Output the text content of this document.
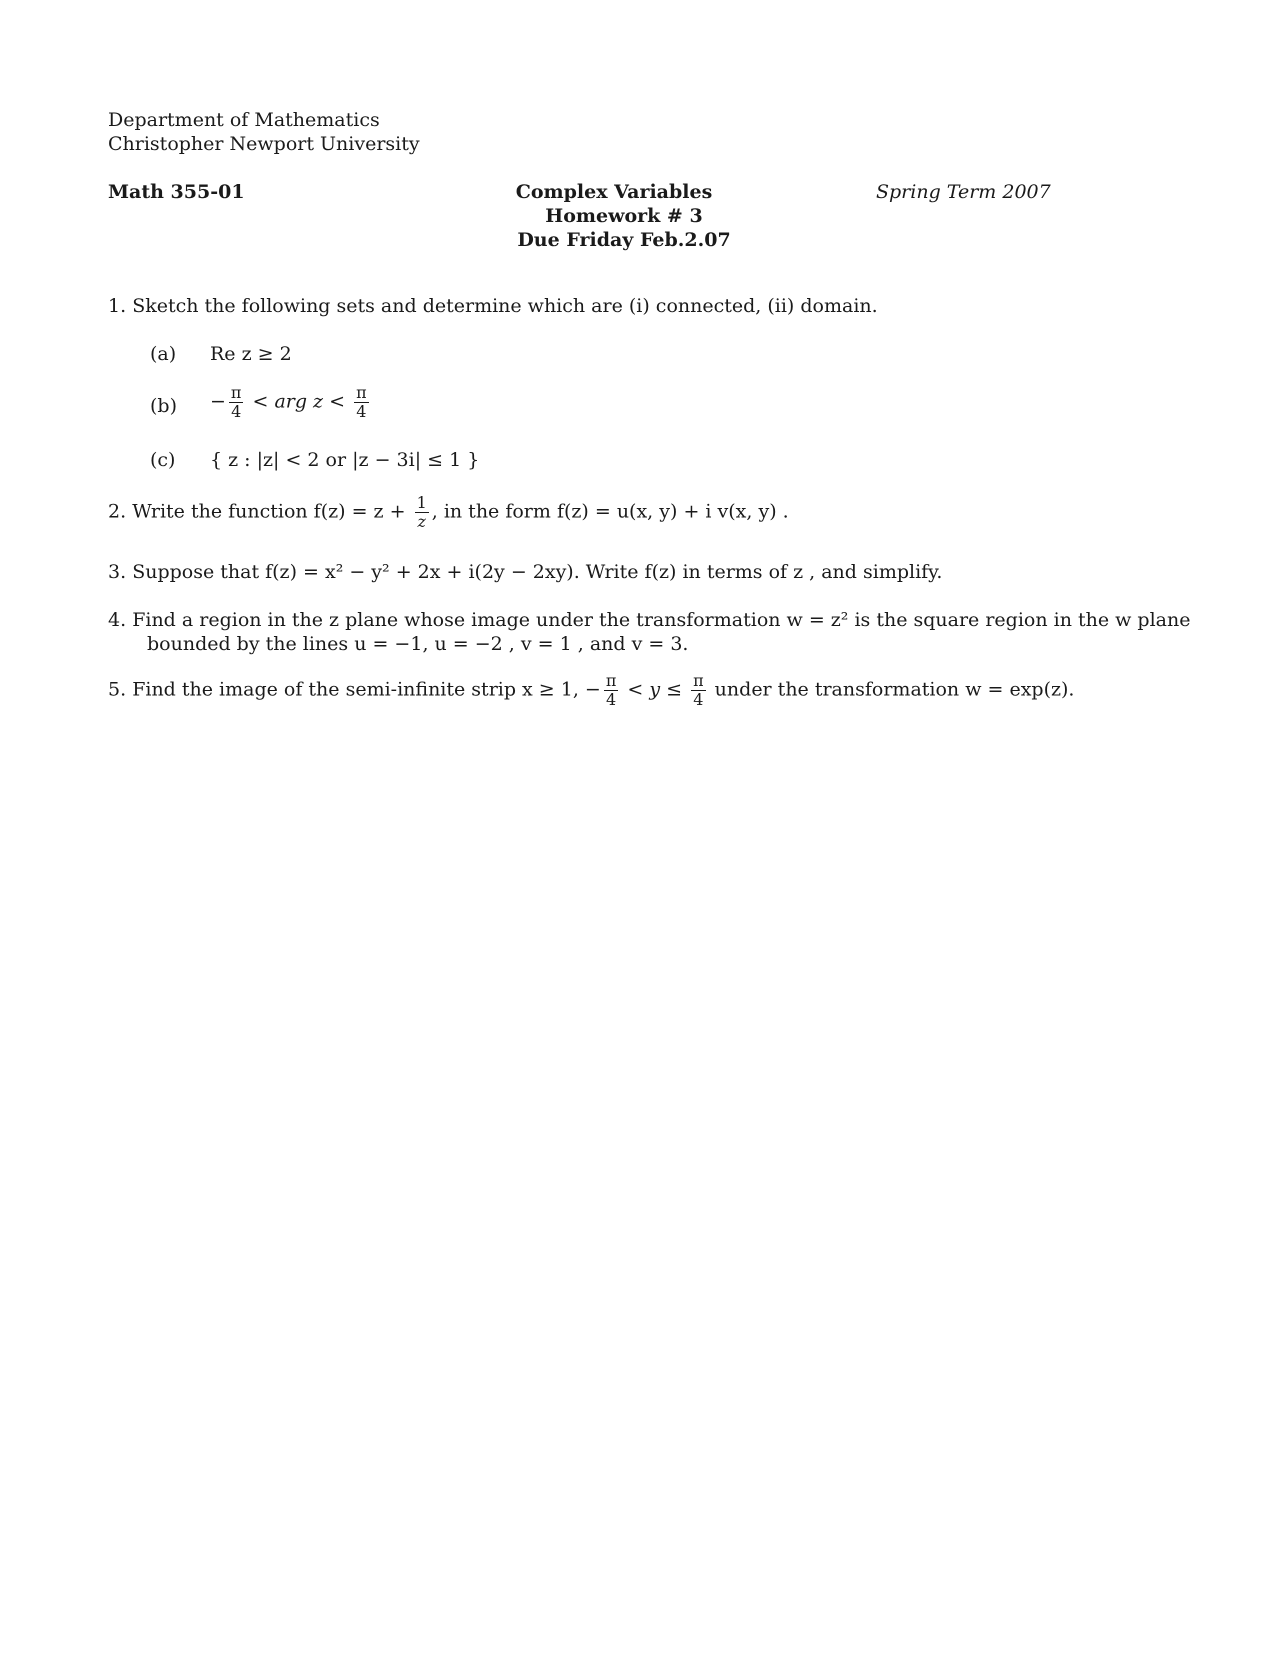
Department of Mathematics
Christopher Newport University
Math 355-01	Complex Variables
Homework # 3
Due Friday Feb.2.07
Spring Term 2007
1. Sketch the following sets and determine which are (i) connected, (ii) domain.
(a) Re z ≥ 2
$(b) - \frac{\pi}{4}$ < arg $z < \frac{\pi}{4}$
(c) { z : |z| < 2 or |z − 3i| ≤ 1 }
2. Write the function $f(z) = z + \frac{1}{z}$ , in the form f(z) = u(x, y) + i v(x, y) .
3. Suppose that f(z) = x² − y² + 2x + i(2y − 2xy). Write f(z) in terms of z , and simplify.
4. Find a region in the z plane whose image under the transformation w = z² is the square region in the w plane
bounded by the lines u = −1, u = −2 , v = 1 , and v = 3.
5. Find the image of the semi-infinite strip x ≥ 1, − $\frac{\pi}{4} < y \le \frac{\pi}{4}$ under the transformation w = exp(z).
